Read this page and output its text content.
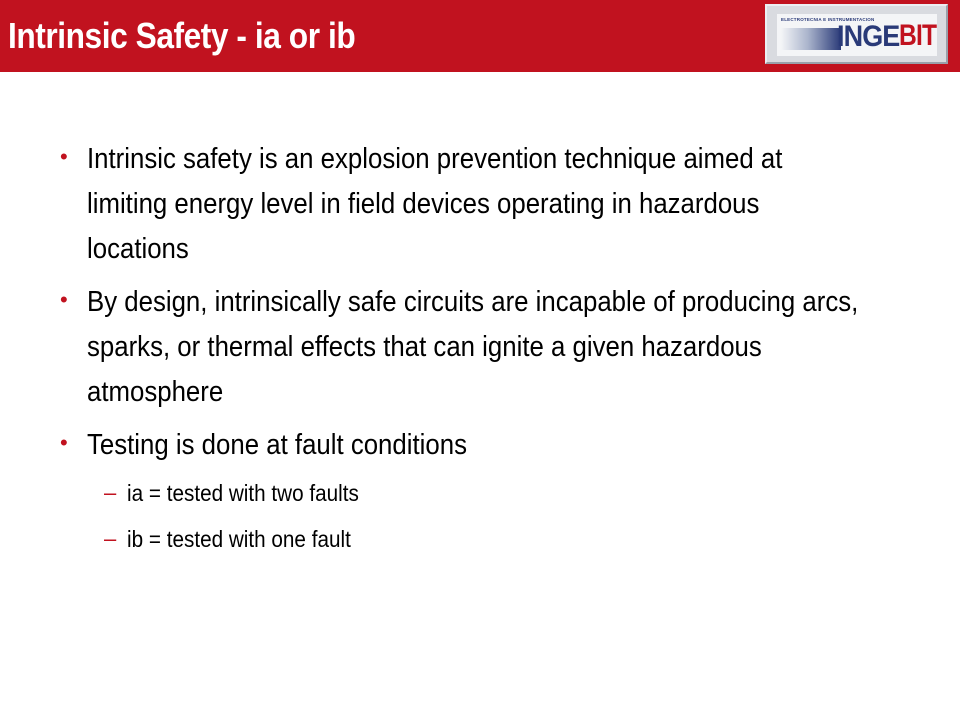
Intrinsic Safety - ia or ib	ELECTROTECNIA E INSTRUMENTACION
INGE BIT
• Intrinsic safety is an explosion prevention technique aimed at limiting energy level in field devices operating in hazardous locations
• By design, intrinsically safe circuits are incapable of producing arcs, sparks, or thermal effects that can ignite a given hazardous atmosphere
• Testing is done at fault conditions
– ia = tested with two faults
– ib = tested with one fault
